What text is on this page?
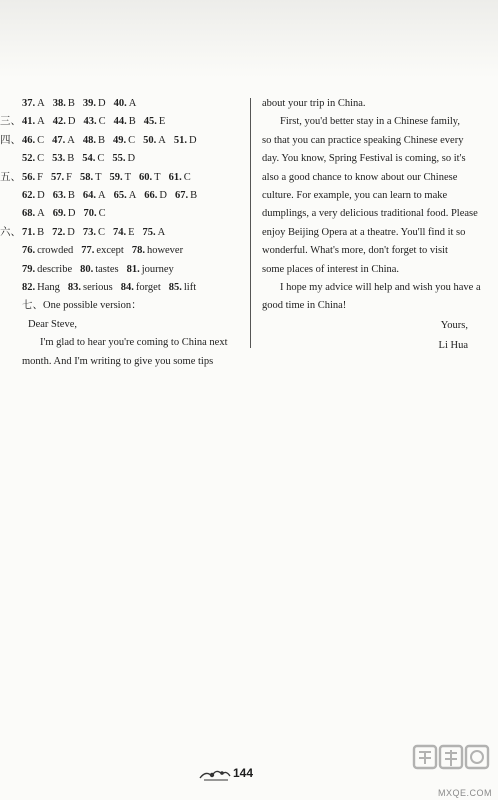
37. A 38. B 39. D 40. A
三、41. A 42. D 43. C 44. B 45. E
四、46. C 47. A 48. B 49. C 50. A 51. D
52. C 53. B 54. C 55. D
五、56. F 57. F 58. T 59. T 60. T 61. C
62. D 63. B 64. A 65. A 66. D 67. B
68. A 69. D 70. C
六、71. B 72. D 73. C 74. E 75. A
76. crowded 77. except 78. however
79. describe 80. tastes 81. journey
82. Hang 83. serious 84. forget 85. lift
七、One possible version：
Dear Steve,
I'm glad to hear you're coming to China next
month. And I'm writing to give you some tips
about your trip in China.
First, you'd better stay in a Chinese family,
so that you can practice speaking Chinese every
day. You know, Spring Festival is coming, so it's
also a good chance to know about our Chinese
culture. For example, you can learn to make
dumplings, a very delicious traditional food. Please
enjoy Beijing Opera at a theatre. You'll find it so
wonderful. What's more, don't forget to visit
some places of interest in China.
I hope my advice will help and wish you have a
good time in China!
Yours,
Li Hua
144
MXQE.COM
